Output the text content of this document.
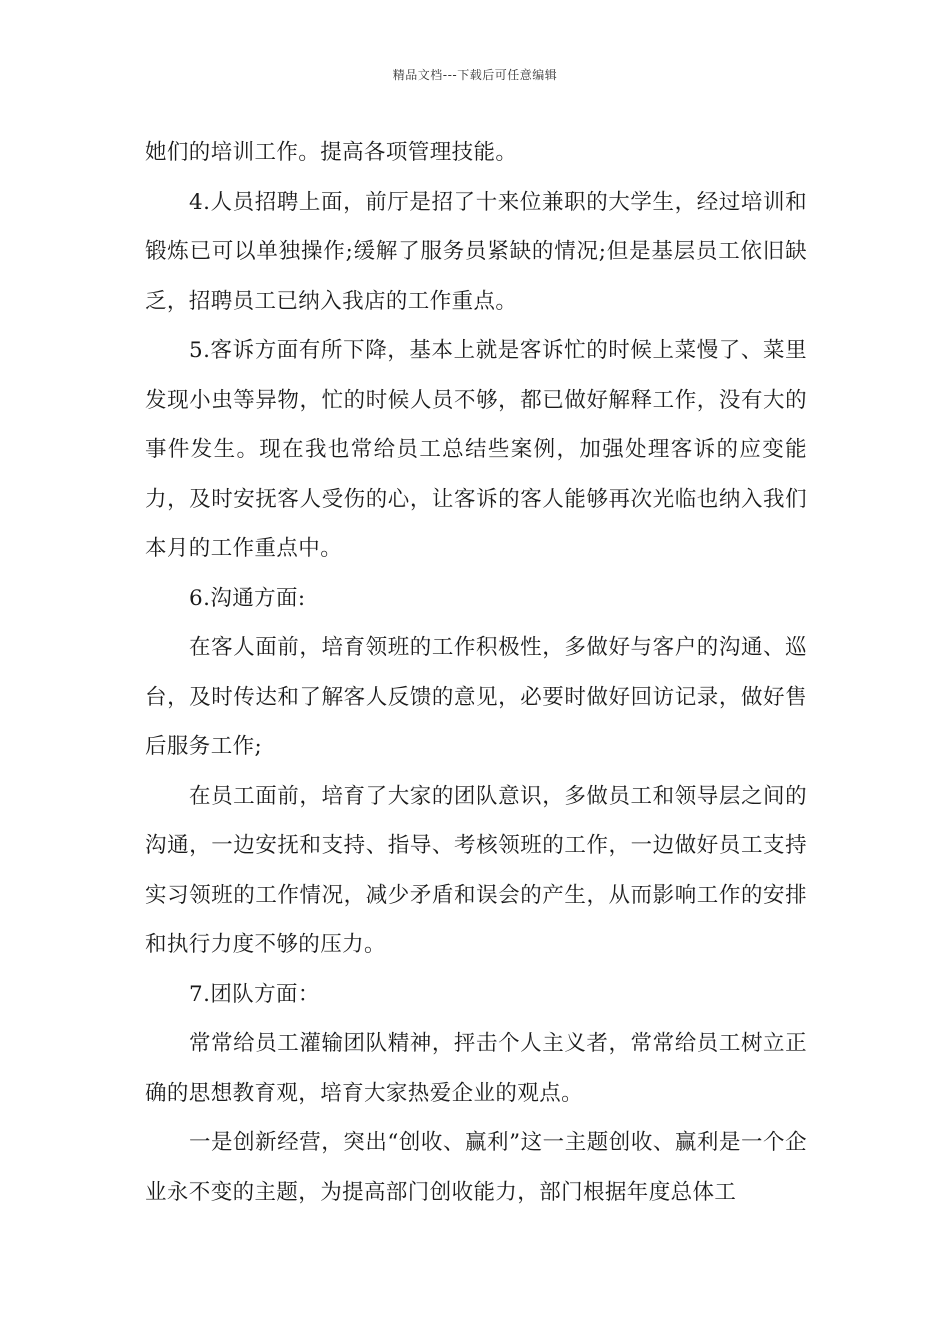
精品文档---下载后可任意编辑

她们的培训工作。提高各项管理技能。

4.人员招聘上面，前厅是招了十来位兼职的大学生，经过培训和锻炼已可以单独操作;缓解了服务员紧缺的情况;但是基层员工依旧缺乏，招聘员工已纳入我店的工作重点。

5.客诉方面有所下降，基本上就是客诉忙的时候上菜慢了、菜里发现小虫等异物，忙的时候人员不够，都已做好解释工作，没有大的事件发生。现在我也常给员工总结些案例，加强处理客诉的应变能力，及时安抚客人受伤的心，让客诉的客人能够再次光临也纳入我们本月的工作重点中。

6.沟通方面:

在客人面前，培育领班的工作积极性，多做好与客户的沟通、巡台，及时传达和了解客人反馈的意见，必要时做好回访记录，做好售后服务工作;

在员工面前，培育了大家的团队意识，多做员工和领导层之间的沟通，一边安抚和支持、指导、考核领班的工作，一边做好员工支持实习领班的工作情况，减少矛盾和误会的产生，从而影响工作的安排和执行力度不够的压力。

7.团队方面：

常常给员工灌输团队精神，抨击个人主义者，常常给员工树立正确的思想教育观，培育大家热爱企业的观点。

一是创新经营，突出“创收、赢利”这一主题创收、赢利是一个企业永不变的主题，为提高部门创收能力，部门根据年度总体工
